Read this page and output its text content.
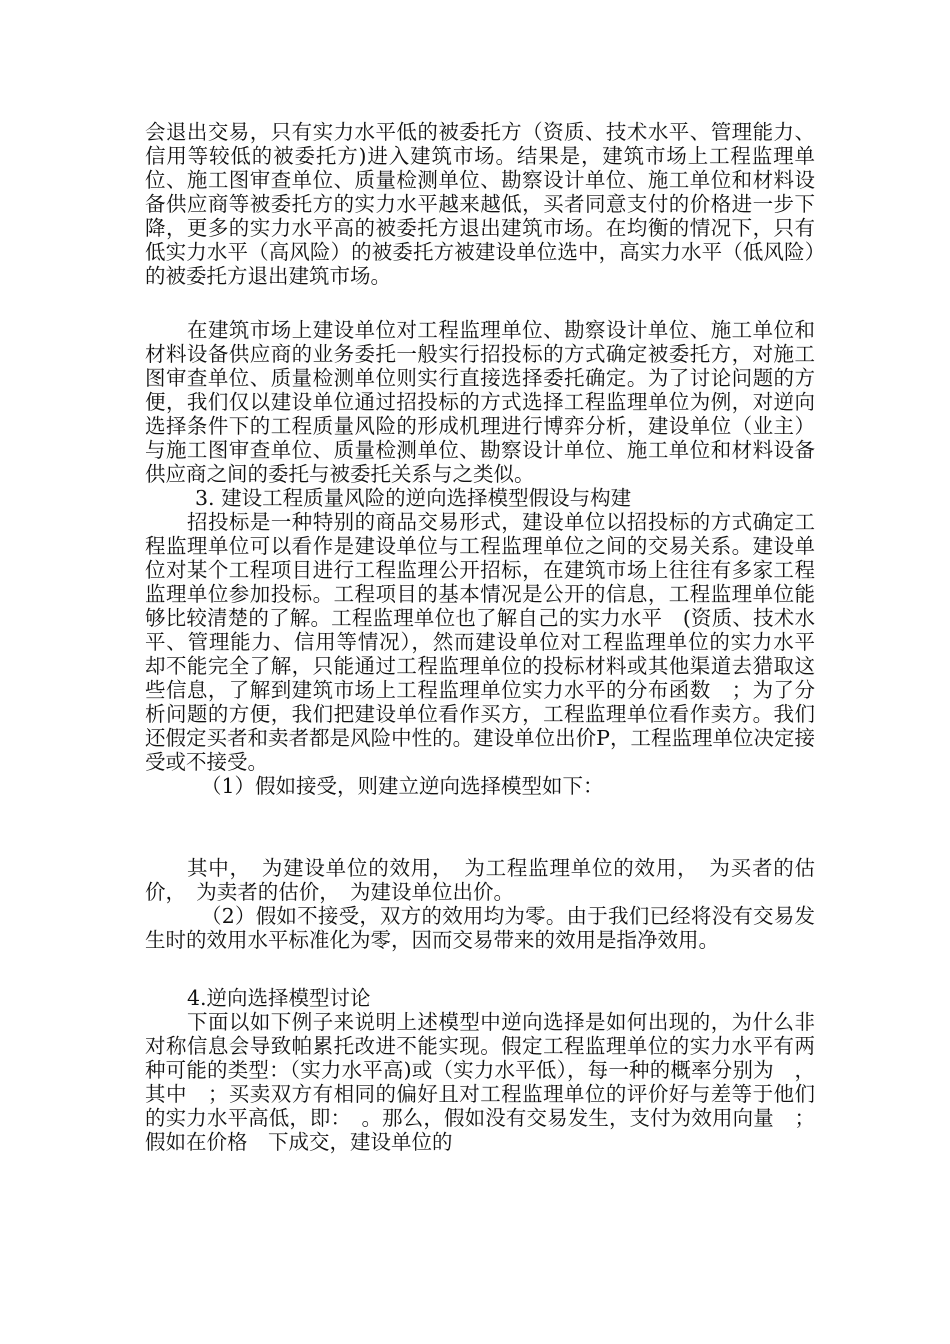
会退出交易，只有实力水平低的被委托方（资质、技术水平、管理能力、信用等较低的被委托方)进入建筑市场。结果是，建筑市场上工程监理单位、施工图审查单位、质量检测单位、勘察设计单位、施工单位和材料设备供应商等被委托方的实力水平越来越低，买者同意支付的价格进一步下降，更多的实力水平高的被委托方退出建筑市场。在均衡的情况下，只有低实力水平（高风险）的被委托方被建设单位选中，高实力水平（低风险）的被委托方退出建筑市场。

在建筑市场上建设单位对工程监理单位、勘察设计单位、施工单位和材料设备供应商的业务委托一般实行招投标的方式确定被委托方，对施工图审查单位、质量检测单位则实行直接选择委托确定。为了讨论问题的方便，我们仅以建设单位通过招投标的方式选择工程监理单位为例，对逆向选择条件下的工程质量风险的形成机理进行博弈分析，建设单位（业主）与施工图审查单位、质量检测单位、勘察设计单位、施工单位和材料设备供应商之间的委托与被委托关系与之类似。

3. 建设工程质量风险的逆向选择模型假设与构建

招投标是一种特别的商品交易形式，建设单位以招投标的方式确定工程监理单位可以看作是建设单位与工程监理单位之间的交易关系。建设单位对某个工程项目进行工程监理公开招标，在建筑市场上往往有多家工程监理单位参加投标。工程项目的基本情况是公开的信息，工程监理单位能够比较清楚的了解。工程监理单位也了解自己的实力水平　(资质、技术水平、管理能力、信用等情况），然而建设单位对工程监理单位的实力水平　却不能完全了解，只能通过工程监理单位的投标材料或其他渠道去猎取这些信息，了解到建筑市场上工程监理单位实力水平的分布函数　；为了分析问题的方便，我们把建设单位看作买方，工程监理单位看作卖方。我们还假定买者和卖者都是风险中性的。建设单位出价P，工程监理单位决定接受或不接受。

（1）假如接受，则建立逆向选择模型如下：

其中，　为建设单位的效用，　为工程监理单位的效用，　为买者的估价，　为卖者的估价，　为建设单位出价。

（2）假如不接受，双方的效用均为零。由于我们已经将没有交易发生时的效用水平标准化为零，因而交易带来的效用是指净效用。

4.逆向选择模型讨论

下面以如下例子来说明上述模型中逆向选择是如何出现的，为什么非对称信息会导致帕累托改进不能实现。假定工程监理单位的实力水平有两种可能的类型：（实力水平高)或（实力水平低），每一种的概率分别为　，其中　；买卖双方有相同的偏好且对工程监理单位的评价好与差等于他们的实力水平高低，即：　。那么，假如没有交易发生，支付为效用向量　；假如在价格　下成交，建设单位的
